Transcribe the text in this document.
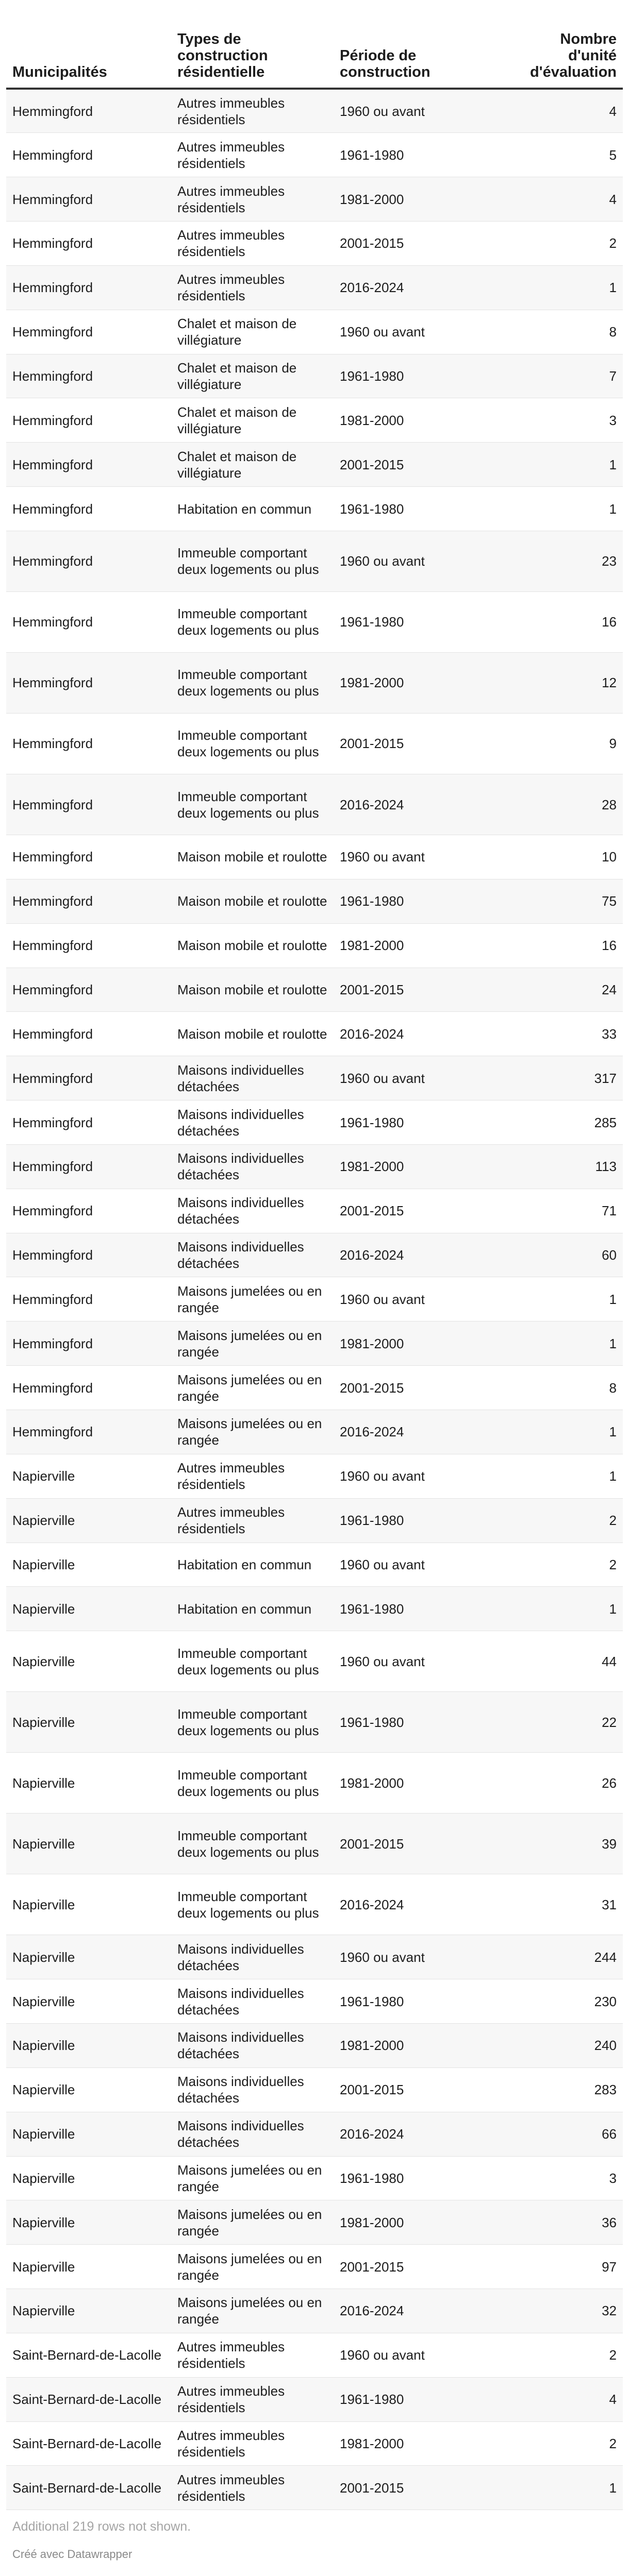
Municipalités	Types de construction résidentielle	Période de construction	Nombre d'unité d'évaluation
Hemmingford	Autres immeubles résidentiels	1960 ou avant	4
Hemmingford	Autres immeubles résidentiels	1961-1980	5
Hemmingford	Autres immeubles résidentiels	1981-2000	4
Hemmingford	Autres immeubles résidentiels	2001-2015	2
Hemmingford	Autres immeubles résidentiels	2016-2024	1
Hemmingford	Chalet et maison de villégiature	1960 ou avant	8
Hemmingford	Chalet et maison de villégiature	1961-1980	7
Hemmingford	Chalet et maison de villégiature	1981-2000	3
Hemmingford	Chalet et maison de villégiature	2001-2015	1
Hemmingford	Habitation en commun	1961-1980	1
Hemmingford	Immeuble comportant deux logements ou plus	1960 ou avant	23
Hemmingford	Immeuble comportant deux logements ou plus	1961-1980	16
Hemmingford	Immeuble comportant deux logements ou plus	1981-2000	12
Hemmingford	Immeuble comportant deux logements ou plus	2001-2015	9
Hemmingford	Immeuble comportant deux logements ou plus	2016-2024	28
Hemmingford	Maison mobile et roulotte	1960 ou avant	10
Hemmingford	Maison mobile et roulotte	1961-1980	75
Hemmingford	Maison mobile et roulotte	1981-2000	16
Hemmingford	Maison mobile et roulotte	2001-2015	24
Hemmingford	Maison mobile et roulotte	2016-2024	33
Hemmingford	Maisons individuelles détachées	1960 ou avant	317
Hemmingford	Maisons individuelles détachées	1961-1980	285
Hemmingford	Maisons individuelles détachées	1981-2000	113
Hemmingford	Maisons individuelles détachées	2001-2015	71
Hemmingford	Maisons individuelles détachées	2016-2024	60
Hemmingford	Maisons jumelées ou en rangée	1960 ou avant	1
Hemmingford	Maisons jumelées ou en rangée	1981-2000	1
Hemmingford	Maisons jumelées ou en rangée	2001-2015	8
Hemmingford	Maisons jumelées ou en rangée	2016-2024	1
Napierville	Autres immeubles résidentiels	1960 ou avant	1
Napierville	Autres immeubles résidentiels	1961-1980	2
Napierville	Habitation en commun	1960 ou avant	2
Napierville	Habitation en commun	1961-1980	1
Napierville	Immeuble comportant deux logements ou plus	1960 ou avant	44
Napierville	Immeuble comportant deux logements ou plus	1961-1980	22
Napierville	Immeuble comportant deux logements ou plus	1981-2000	26
Napierville	Immeuble comportant deux logements ou plus	2001-2015	39
Napierville	Immeuble comportant deux logements ou plus	2016-2024	31
Napierville	Maisons individuelles détachées	1960 ou avant	244
Napierville	Maisons individuelles détachées	1961-1980	230
Napierville	Maisons individuelles détachées	1981-2000	240
Napierville	Maisons individuelles détachées	2001-2015	283
Napierville	Maisons individuelles détachées	2016-2024	66
Napierville	Maisons jumelées ou en rangée	1961-1980	3
Napierville	Maisons jumelées ou en rangée	1981-2000	36
Napierville	Maisons jumelées ou en rangée	2001-2015	97
Napierville	Maisons jumelées ou en rangée	2016-2024	32
Saint-Bernard-de-Lacolle	Autres immeubles résidentiels	1960 ou avant	2
Saint-Bernard-de-Lacolle	Autres immeubles résidentiels	1961-1980	4
Saint-Bernard-de-Lacolle	Autres immeubles résidentiels	1981-2000	2
Saint-Bernard-de-Lacolle	Autres immeubles résidentiels	2001-2015	1
Additional 219 rows not shown.
Créé avec Datawrapper
